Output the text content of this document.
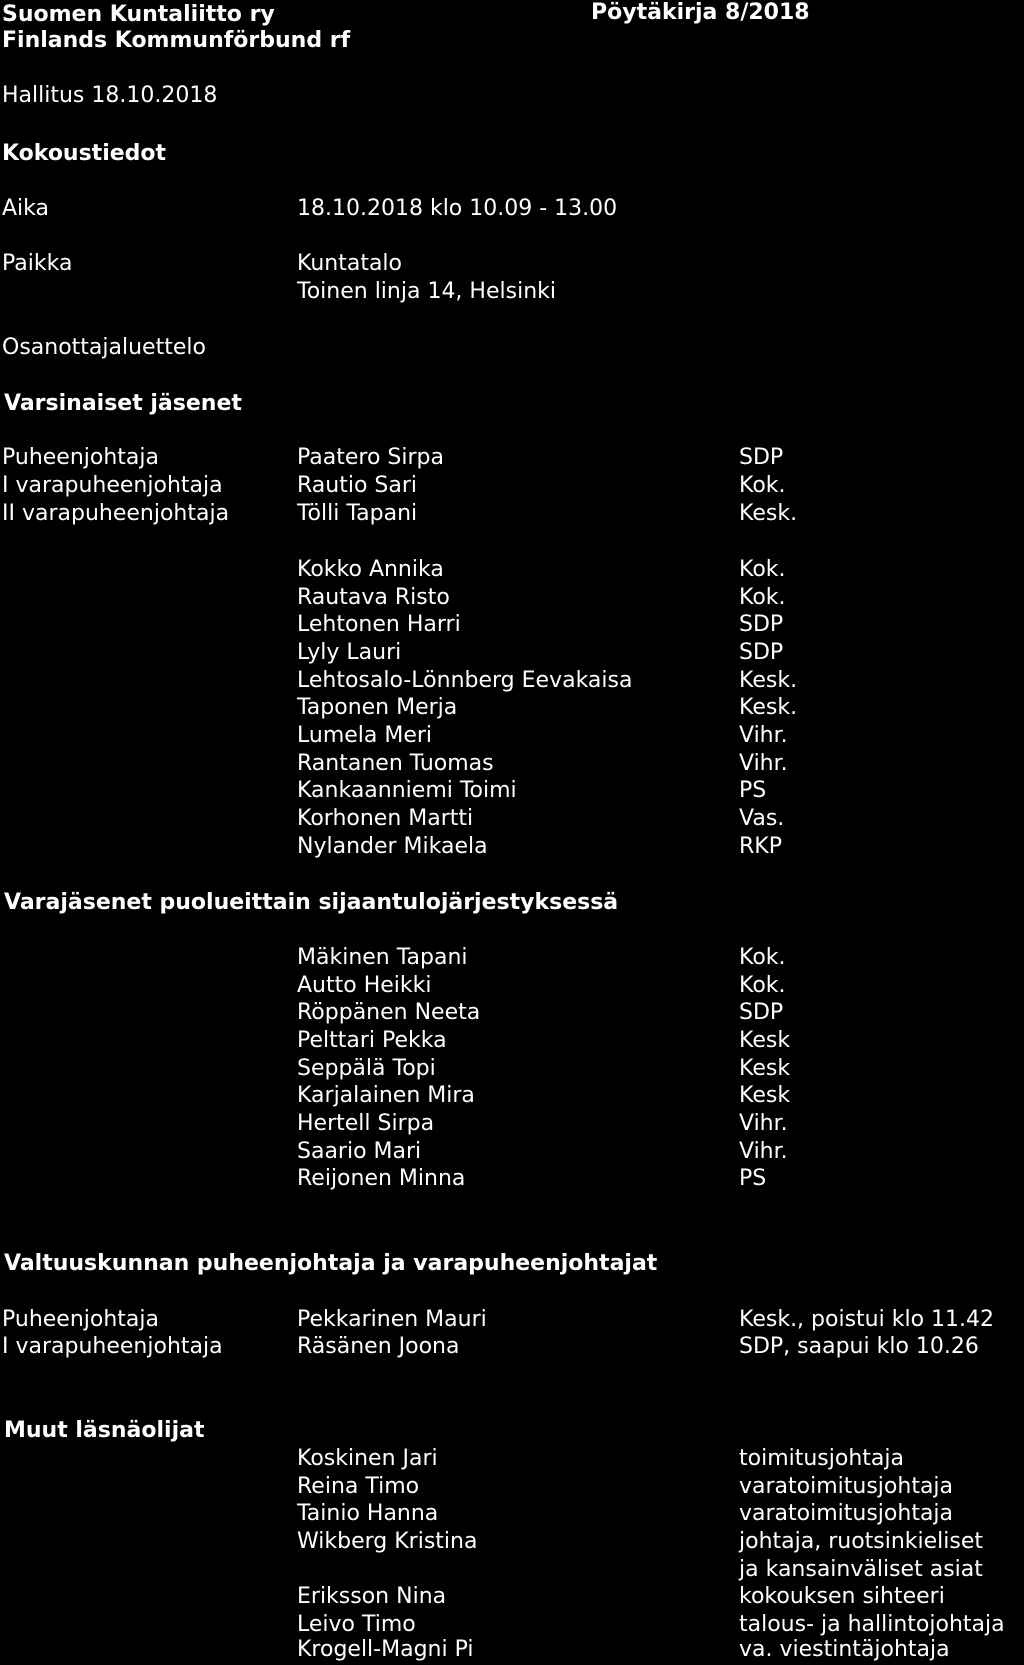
Suomen Kuntaliitto ry
Finlands Kommunförbund rf
Pöytäkirja 8/2018
Hallitus 18.10.2018
Kokoustiedot
Aika	18.10.2018 klo 10.09 - 13.00
Paikka	Kuntatalo
Toinen linja 14, Helsinki
Osanottajaluettelo
Varsinaiset jäsenet
Puheenjohtaja	Paatero Sirpa	SDP
I varapuheenjohtaja	Rautio Sari	Kok.
II varapuheenjohtaja	Tölli Tapani	Kesk.
Kokko Annika	Kok.
Rautava Risto	Kok.
Lehtonen Harri	SDP
Lyly Lauri	SDP
Lehtosalo-Lönnberg Eevakaisa	Kesk.
Taponen Merja	Kesk.
Lumela Meri	Vihr.
Rantanen Tuomas	Vihr.
Kankaanniemi Toimi	PS
Korhonen Martti	Vas.
Nylander Mikaela	RKP
Varajäsenet puolueittain sijaantulojärjestyksessä
Mäkinen Tapani	Kok.
Autto Heikki	Kok.
Röppänen Neeta	SDP
Pelttari Pekka	Kesk
Seppälä Topi	Kesk
Karjalainen Mira	Kesk
Hertell Sirpa	Vihr.
Saario Mari	Vihr.
Reijonen Minna	PS
Valtuuskunnan puheenjohtaja ja varapuheenjohtajat
Puheenjohtaja	Pekkarinen Mauri	Kesk., poistui klo 11.42
I varapuheenjohtaja	Räsänen Joona	SDP, saapui klo 10.26
Muut läsnäolijat
Koskinen Jari	toimitusjohtaja
Reina Timo	varatoimitusjohtaja
Tainio Hanna	varatoimitusjohtaja
Wikberg Kristina	johtaja, ruotsinkieliset
ja kansainväliset asiat
Eriksson Nina	kokouksen sihteeri
Leivo Timo	talous- ja hallintojohtaja
Krogell-Magni Pi	va. viestintäjohtaja
